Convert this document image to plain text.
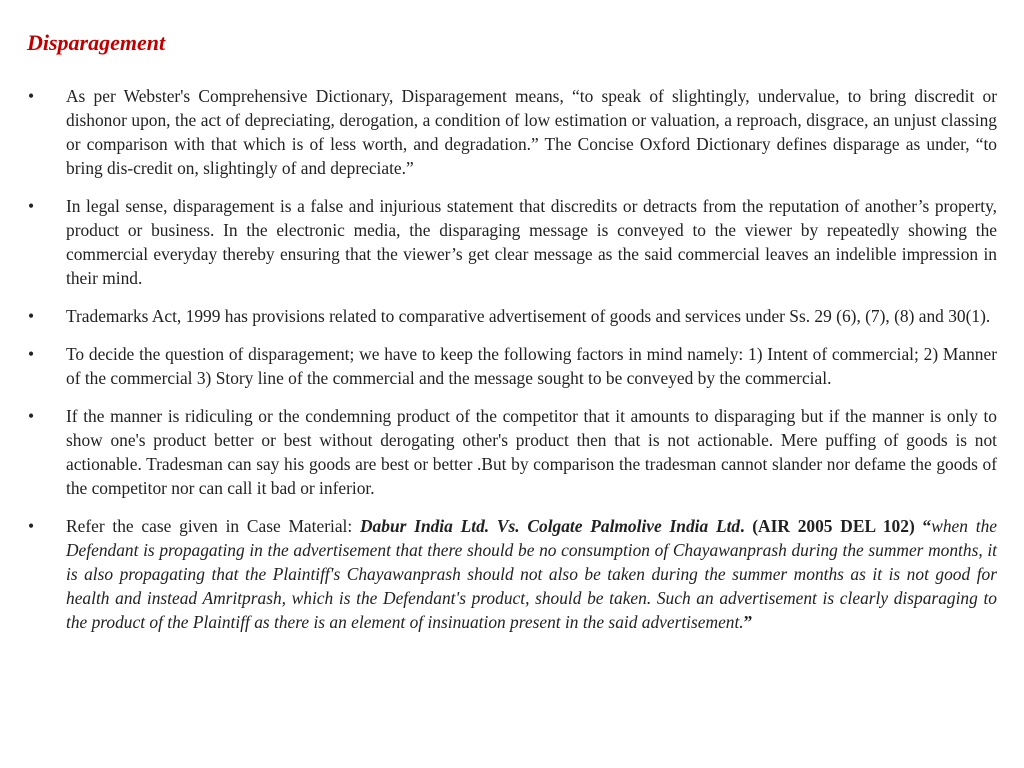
Disparagement
•	As per Webster's Comprehensive Dictionary, Disparagement means, “to speak of slightingly, undervalue, to bring discredit or dishonor upon, the act of depreciating, derogation, a condition of low estimation or valuation, a reproach, disgrace, an unjust classing or comparison with that which is of less worth, and degradation.” The Concise Oxford Dictionary defines disparage as under, “to bring dis-credit on, slightingly of and depreciate.”
•	In legal sense, disparagement is a false and injurious statement that discredits or detracts from the reputation of another’s property, product or business. In the electronic media, the disparaging message is conveyed to the viewer by repeatedly showing the commercial everyday thereby ensuring that the viewer’s get clear message as the said commercial leaves an indelible impression in their mind.
•	Trademarks Act, 1999 has provisions related to comparative advertisement of goods and services under Ss. 29 (6), (7), (8) and 30(1).
•	To decide the question of disparagement; we have to keep the following factors in mind namely: 1) Intent of commercial; 2) Manner of the commercial 3) Story line of the commercial and the message sought to be conveyed by the commercial.
•	If the manner is ridiculing or the condemning product of the competitor that it amounts to disparaging but if the manner is only to show one's product better or best without derogating other's product then that is not actionable. Mere puffing of goods is not actionable. Tradesman can say his goods are best or better .But by comparison the tradesman cannot slander nor defame the goods of the competitor nor can call it bad or inferior.
•	Refer the case given in Case Material: Dabur India Ltd. Vs. Colgate Palmolive India Ltd. (AIR 2005 DEL 102) “when the Defendant is propagating in the advertisement that there should be no consumption of Chayawanprash during the summer months, it is also propagating that the Plaintiff's Chayawanprash should not also be taken during the summer months as it is not good for health and instead Amritprash, which is the Defendant's product, should be taken. Such an advertisement is clearly disparaging to the product of the Plaintiff as there is an element of insinuation present in the said advertisement.”
